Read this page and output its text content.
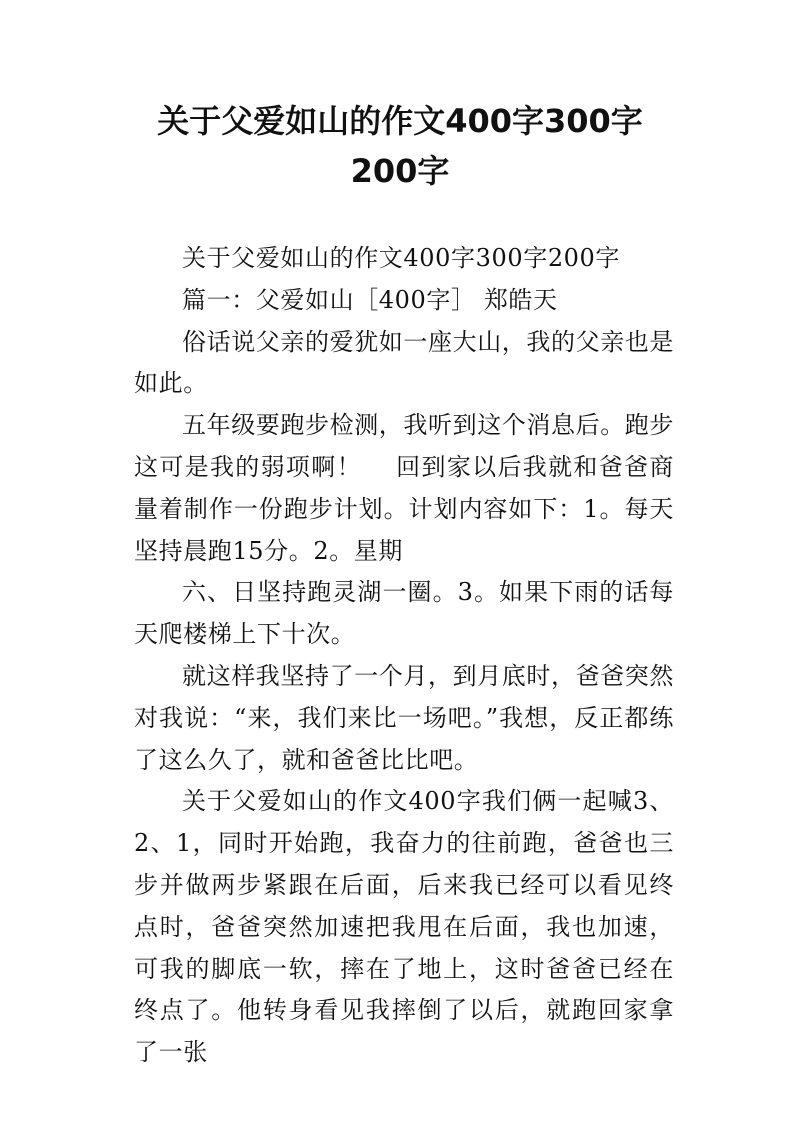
关于父爱如山的作文400字300字
200字

关于父爱如山的作文400字300字200字

篇一：父爱如山［400字］ 郑皓天

俗话说父亲的爱犹如一座大山，我的父亲也是如此。

五年级要跑步检测，我听到这个消息后。跑步这可是我的弱项啊！　 回到家以后我就和爸爸商量着制作一份跑步计划。计划内容如下：1。每天坚持晨跑15分。2。星期

六、日坚持跑灵湖一圈。3。如果下雨的话每天爬楼梯上下十次。

就这样我坚持了一个月，到月底时，爸爸突然对我说：“来，我们来比一场吧。”我想，反正都练了这么久了，就和爸爸比比吧。

关于父爱如山的作文400字我们俩一起喊3、2、1，同时开始跑，我奋力的往前跑，爸爸也三步并做两步紧跟在后面，后来我已经可以看见终点时，爸爸突然加速把我甩在后面，我也加速，可我的脚底一软，摔在了地上，这时爸爸已经在终点了。他转身看见我摔倒了以后，就跑回家拿了一张
